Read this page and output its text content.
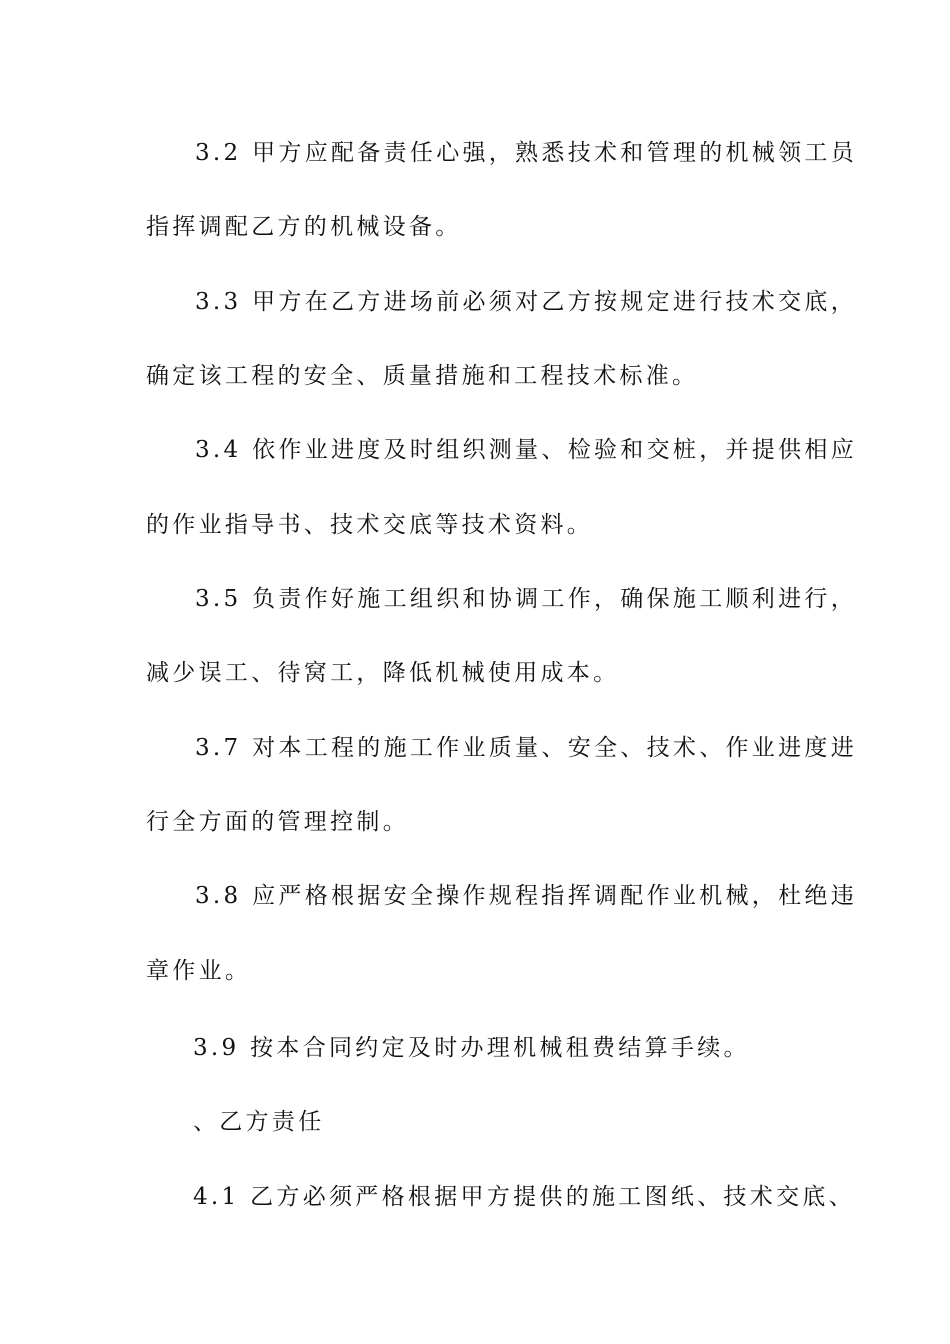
3.2 甲方应配备责任心强，熟悉技术和管理的机械领工员
指挥调配乙方的机械设备。
3.3 甲方在乙方进场前必须对乙方按规定进行技术交底，
确定该工程的安全、质量措施和工程技术标准。
3.4 依作业进度及时组织测量、检验和交桩，并提供相应
的作业指导书、技术交底等技术资料。
3.5 负责作好施工组织和协调工作，确保施工顺利进行，
减少误工、待窝工，降低机械使用成本。
3.7 对本工程的施工作业质量、安全、技术、作业进度进
行全方面的管理控制。
3.8 应严格根据安全操作规程指挥调配作业机械，杜绝违
章作业。
3.9 按本合同约定及时办理机械租费结算手续。
、乙方责任
4.1 乙方必须严格根据甲方提供的施工图纸、技术交底、
